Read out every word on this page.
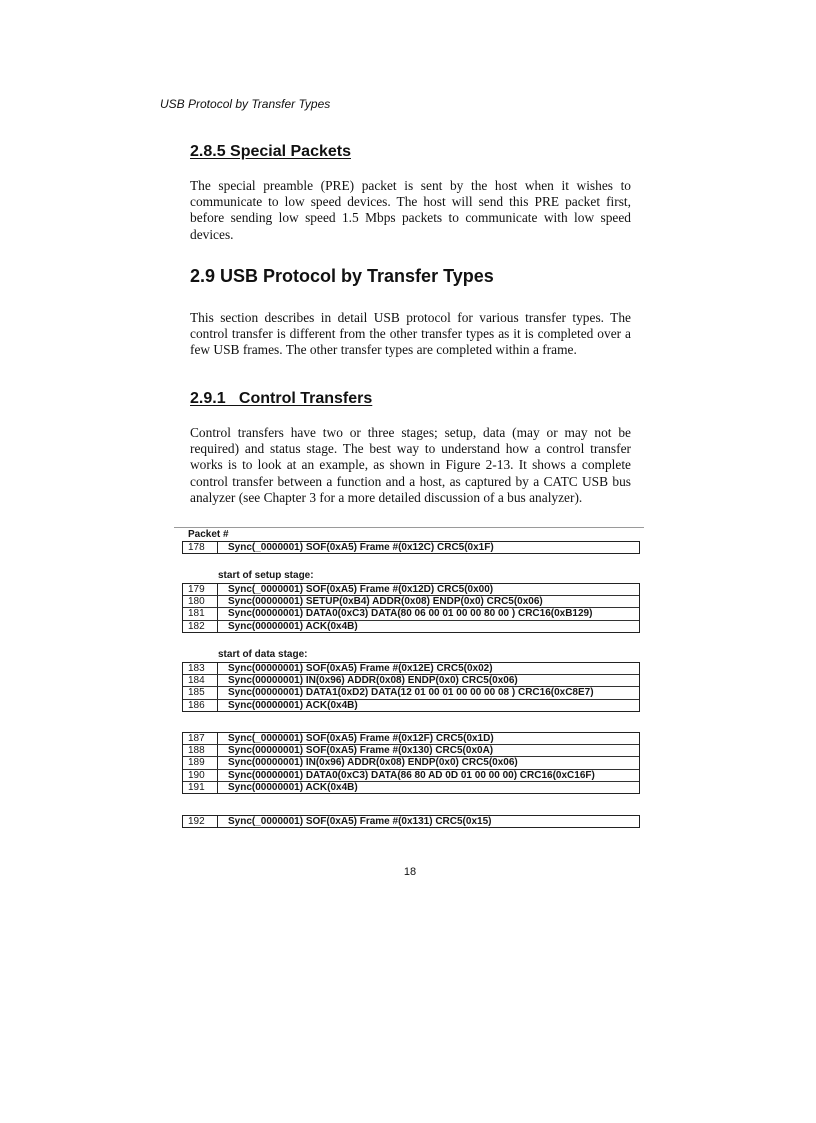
USB Protocol by Transfer Types
2.8.5 Special Packets

The special preamble (PRE) packet is sent by the host when it wishes to communicate to low speed devices. The host will send this PRE packet first, before sending low speed 1.5 Mbps packets to communicate with low speed devices.

2.9 USB Protocol by Transfer Types

This section describes in detail USB protocol for various transfer types. The control transfer is different from the other transfer types as it is completed over a few USB frames. The other transfer types are completed within a frame.

2.9.1   Control Transfers

Control transfers have two or three stages; setup, data (may or may not be required) and status stage. The best way to understand how a control transfer works is to look at an example, as shown in Figure 2-13. It shows a complete control transfer between a function and a host, as captured by a CATC USB bus analyzer (see Chapter 3 for a more detailed discussion of a bus analyzer).

Packet #
178	Sync(_0000001) SOF(0xA5) Frame #(0x12C) CRC5(0x1F)
start of setup stage:
179	Sync(_0000001) SOF(0xA5) Frame #(0x12D) CRC5(0x00)
180	Sync(00000001) SETUP(0xB4) ADDR(0x08) ENDP(0x0) CRC5(0x06)
181	Sync(00000001) DATA0(0xC3) DATA(80 06 00 01 00 00 80 00 ) CRC16(0xB129)
182	Sync(00000001) ACK(0x4B)
start of data stage:
183	Sync(00000001) SOF(0xA5) Frame #(0x12E) CRC5(0x02)
184	Sync(00000001) IN(0x96) ADDR(0x08) ENDP(0x0) CRC5(0x06)
185	Sync(00000001) DATA1(0xD2) DATA(12 01 00 01 00 00 00 08 ) CRC16(0xC8E7)
186	Sync(00000001) ACK(0x4B)
187	Sync(_0000001) SOF(0xA5) Frame #(0x12F) CRC5(0x1D)
188	Sync(00000001) SOF(0xA5) Frame #(0x130) CRC5(0x0A)
189	Sync(00000001) IN(0x96) ADDR(0x08) ENDP(0x0) CRC5(0x06)
190	Sync(00000001) DATA0(0xC3) DATA(86 80 AD 0D 01 00 00 00) CRC16(0xC16F)
191	Sync(00000001) ACK(0x4B)
192	Sync(_0000001) SOF(0xA5) Frame #(0x131) CRC5(0x15)
18
